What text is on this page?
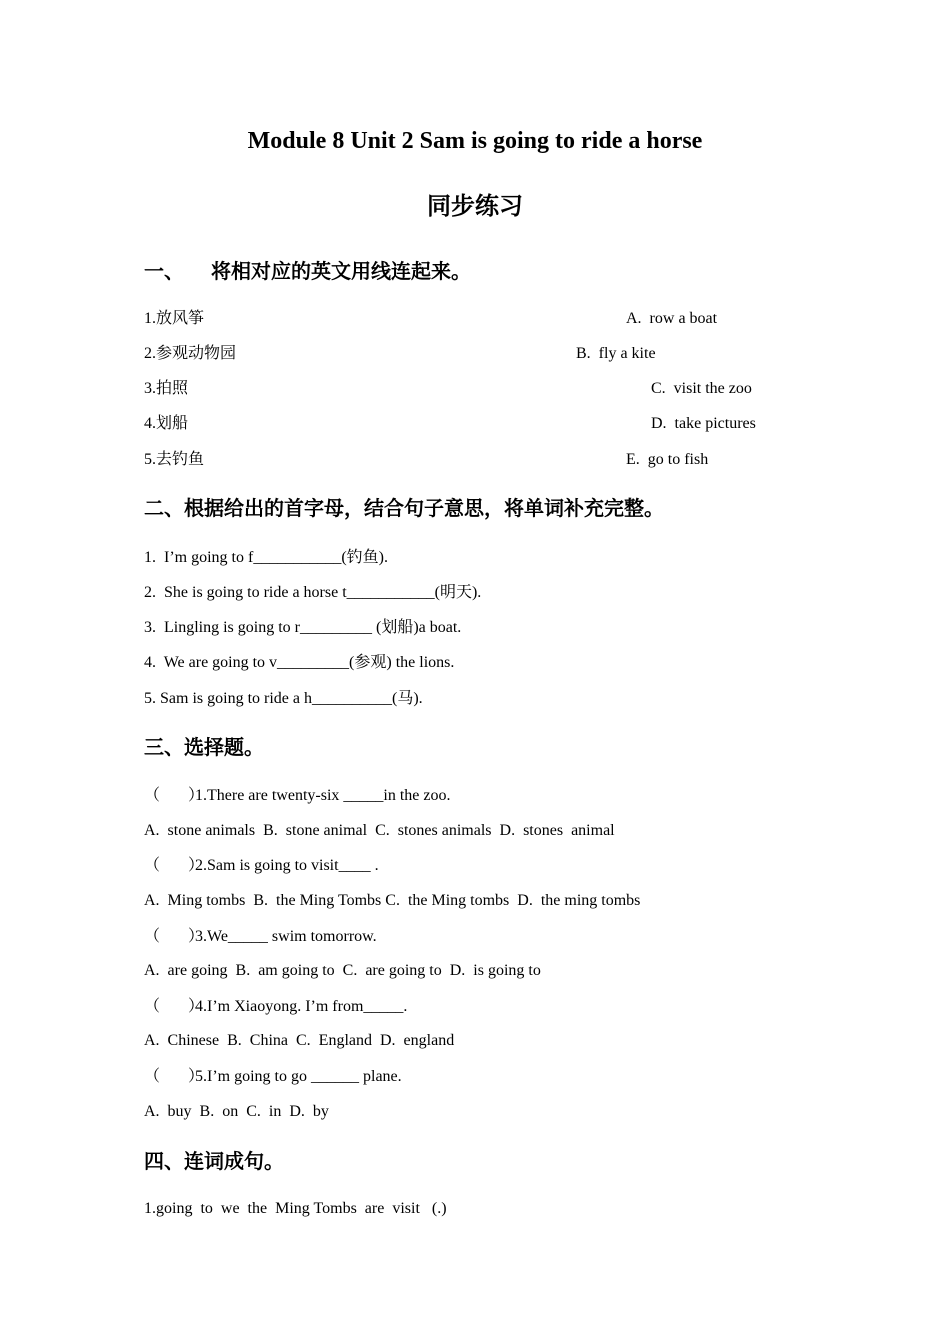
Module 8 Unit 2 Sam is going to ride a horse
同步练习
一、 将相对应的英文用线连起来。
1.放风筝
2.参观动物园
3.拍照
4.划船
5.去钓鱼
A.  row a boat
B.  fly a kite
C.  visit the zoo
D.  take pictures
E.  go to fish
二、根据给出的首字母，结合句子意思，将单词补充完整。
1.  I’m going to f___________(钓鱼).
2.  She is going to ride a horse t___________(明天).
3.  Lingling is going to r_________ (划船)a boat.
4.  We are going to v_________(参观) the lions.
5. Sam is going to ride a h__________(马).
三、选择题。
（       ）1.There are twenty-six _____in the zoo.
A.  stone animals  B.  stone animal  C.  stones animals  D.  stones  animal
（       ）2.Sam is going to visit____ .
A.  Ming tombs  B.  the Ming Tombs C.  the Ming tombs  D.  the ming tombs
（       ）3.We_____ swim tomorrow.
A.  are going  B.  am going to  C.  are going to  D.  is going to
（       ）4.I’m Xiaoyong. I’m from_____.
A.  Chinese  B.  China  C.  England  D.  england
（       ）5.I’m going to go ______ plane.
A.  buy  B.  on  C.  in  D.  by
四、连词成句。
1.going  to  we  the  Ming Tombs  are  visit   (.)
